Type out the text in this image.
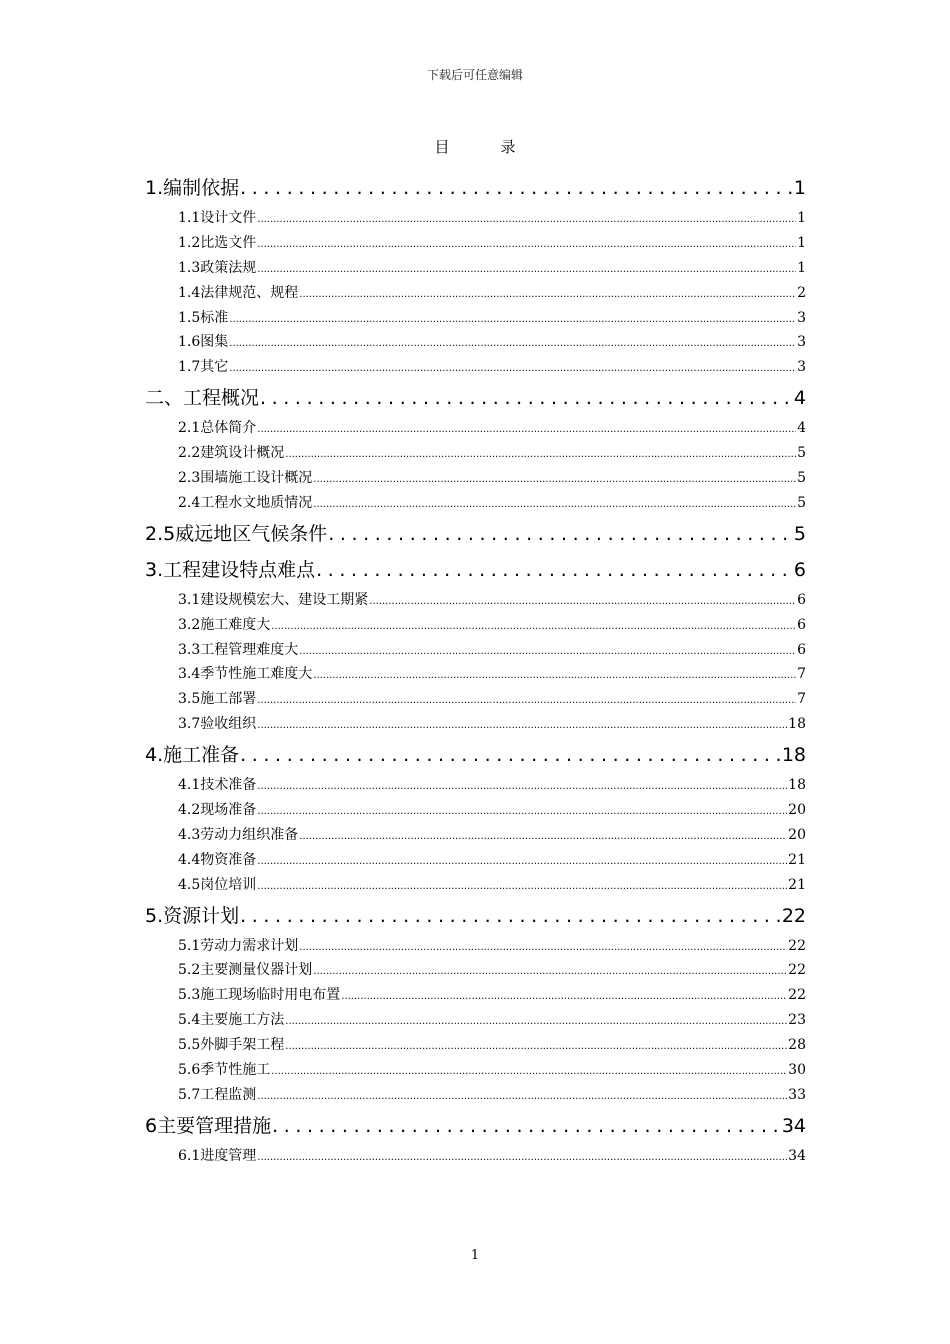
下载后可任意编辑
目　录
1.编制依据 .....	1
1.1设计文件 .....	1
1.2比选文件 .....	1
1.3政策法规 .....	1
1.4法律规范、规程 .....	2
1.5标准 .....	3
1.6图集 .....	3
1.7其它 .....	3
二、工程概况 .....	4
2.1总体简介 .....	4
2.2建筑设计概况 .....	5
2.3围墙施工设计概况 .....	5
2.4工程水文地质情况 .....	5
2.5威远地区气候条件 .....	5
3.工程建设特点难点 .....	6
3.1建设规模宏大、建设工期紧 .....	6
3.2施工难度大 .....	6
3.3工程管理难度大 .....	6
3.4季节性施工难度大 .....	7
3.5施工部署 .....	7
3.7验收组织 .....	18
4.施工准备 .....	18
4.1技术准备 .....	18
4.2现场准备 .....	20
4.3劳动力组织准备 .....	20
4.4物资准备 .....	21
4.5岗位培训 .....	21
5.资源计划 .....	22
5.1劳动力需求计划 .....	22
5.2主要测量仪器计划 .....	22
5.3施工现场临时用电布置 .....	22
5.4主要施工方法 .....	23
5.5外脚手架工程 .....	28
5.6季节性施工 .....	30
5.7工程监测 .....	33
6主要管理措施 .....	34
6.1进度管理 .....	34
1
